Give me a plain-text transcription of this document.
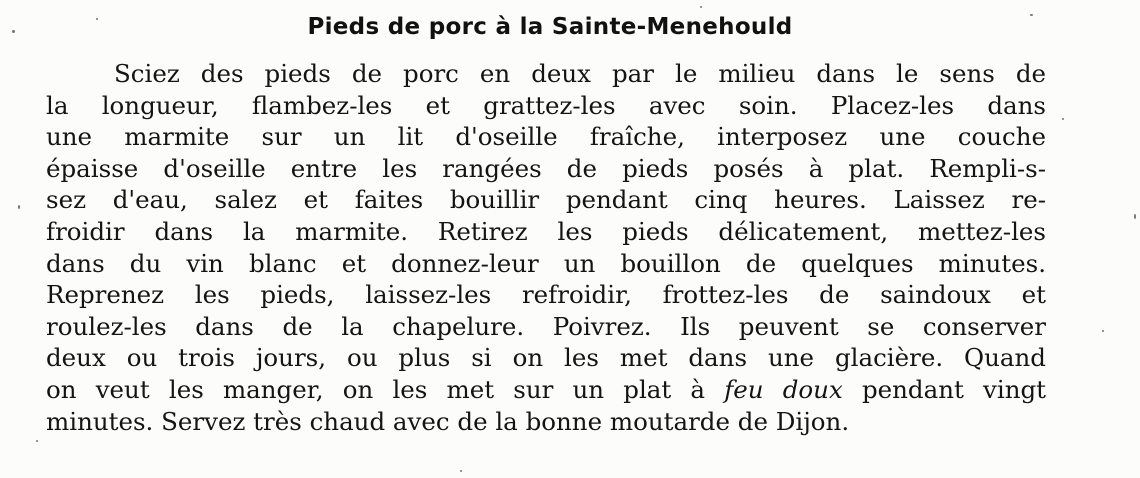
Pieds de porc à la Sainte-Menehould
Sciez des pieds de porc en deux par le milieu dans le sens de
la longueur, flambez-les et grattez-les avec soin. Placez-les dans
une marmite sur un lit d'oseille fraîche, interposez une couche
épaisse d'oseille entre les rangées de pieds posés à plat. Rempli-s-
sez d'eau, salez et faites bouillir pendant cinq heures. Laissez re-
froidir dans la marmite. Retirez les pieds délicatement, mettez-les
dans du vin blanc et donnez-leur un bouillon de quelques minutes.
Reprenez les pieds, laissez-les refroidir, frottez-les de saindoux et
roulez-les dans de la chapelure. Poivrez. Ils peuvent se conserver
deux ou trois jours, ou plus si on les met dans une glacière. Quand
on veut les manger, on les met sur un plat à feu doux pendant vingt
minutes. Servez très chaud avec de la bonne moutarde de Dijon.
